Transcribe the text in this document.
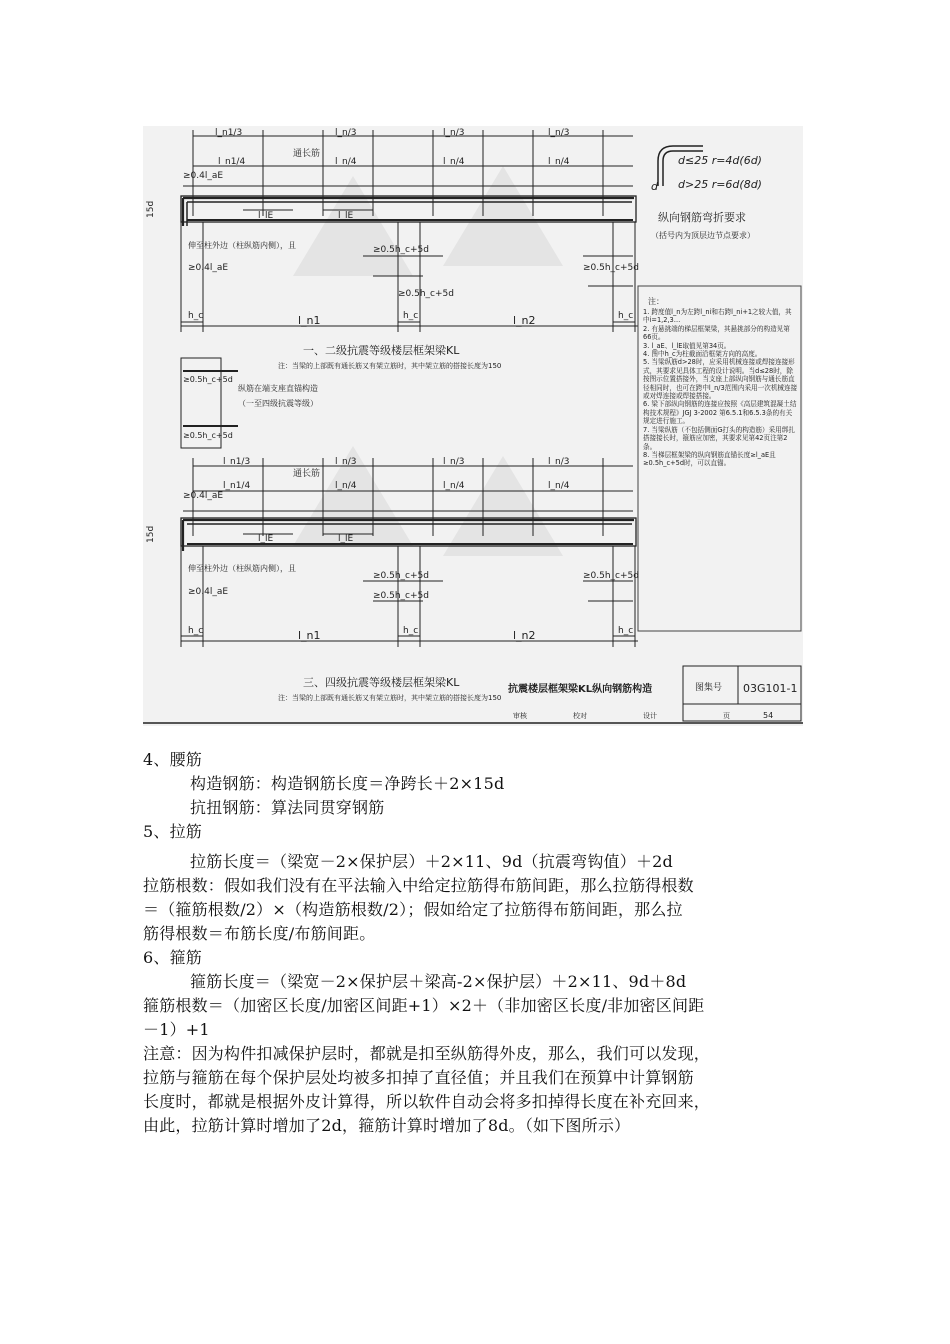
l_n1/3	l_n/3	l_n/3	l_n/3
l_n1/4	l_n/4	l_n/4	l_n/4
通长筋
≥0.4l_aE
15d	l_lE	l_lE
伸至柱外边（柱纵筋内侧），且
≥0.4l_aE
≥0.5h_c+5d
≥0.5h_c+5d
≥0.5h_c+5d
h_c	h_c	h_c
l_n1	l_n2
一、二级抗震等级楼层框架梁KL
注：当梁的上部既有通长筋又有架立筋时，其中架立筋的搭接长度为150
纵筋在端支座直锚构造
（一至四级抗震等级）
≥0.5h_c+5d
≥0.5h_c+5d
l_n1/3	l_n/3	l_n/3	l_n/3
l_n1/4	l_n/4	l_n/4	l_n/4
通长筋
≥0.4l_aE
15d	l_lE	l_lE
伸至柱外边（柱纵筋内侧），且
≥0.4l_aE
≥0.5h_c+5d
≥0.5h_c+5d
≥0.5h_c+5d
h_c	h_c	h_c
l_n1	l_n2
三、四级抗震等级楼层框架梁KL
注：当梁的上部既有通长筋又有架立筋时，其中架立筋的搭接长度为150
d≤25 r=4d(6d)
d>25 r=6d(8d)
d
纵向钢筋弯折要求
（括号内为顶层边节点要求）
注：
1. 跨度值l_n为左跨l_ni和右跨l_ni+1之较大值，其中i=1,2,3…
2. 有悬挑端的梯层框架梁，其悬挑部分的构造见第66页。
3. l_aE、l_lE取值见第34页。
4. 图中h_c为柱截面沿框架方向的高度。
5. 当梁纵筋d>28时，应采用机械连接或焊接连接形式，其要求见具体工程的设计说明。当d≤28时，除按图示位置搭接外，当支座上部纵向钢筋与通长筋直径相同时，也可在跨中l_n/3范围内采用一次机械连接或对焊连接或焊接搭接。
6. 梁下部纵向钢筋的连接应按照《高层建筑混凝土结构技术规程》JGJ 3-2002 第6.5.1和6.5.3条的有关规定进行施工。
7. 当梁纵筋（不包括侧面G打头的构造筋）采用绑扎搭接接长时，箍筋应加密，其要求见第42页注第2条。
8. 当梯层框架梁的纵向钢筋直锚长度≥l_aE且≥0.5h_c+5d时，可以直锚。
抗震楼层框架梁KL纵向钢筋构造	图集号 03G101-1
审核	校对	设计	页	54
4、腰筋
构造钢筋：构造钢筋长度＝净跨长＋2×15d
抗扭钢筋：算法同贯穿钢筋
5、拉筋
拉筋长度＝（梁宽－2×保护层）＋2×11、9d（抗震弯钩值）＋2d
拉筋根数：假如我们没有在平法输入中给定拉筋得布筋间距，那么拉筋得根数
＝（箍筋根数/2）×（构造筋根数/2）；假如给定了拉筋得布筋间距，那么拉
筋得根数＝布筋长度/布筋间距。
6、箍筋
箍筋长度＝（梁宽－2×保护层＋梁高-2×保护层）＋2×11、9d＋8d
箍筋根数＝（加密区长度/加密区间距+1）×2＋（非加密区长度/非加密区间距
－1）+1
注意：因为构件扣减保护层时，都就是扣至纵筋得外皮，那么，我们可以发现，
拉筋与箍筋在每个保护层处均被多扣掉了直径值；并且我们在预算中计算钢筋
长度时，都就是根据外皮计算得，所以软件自动会将多扣掉得长度在补充回来，
由此，拉筋计算时增加了2d，箍筋计算时增加了8d。（如下图所示）
